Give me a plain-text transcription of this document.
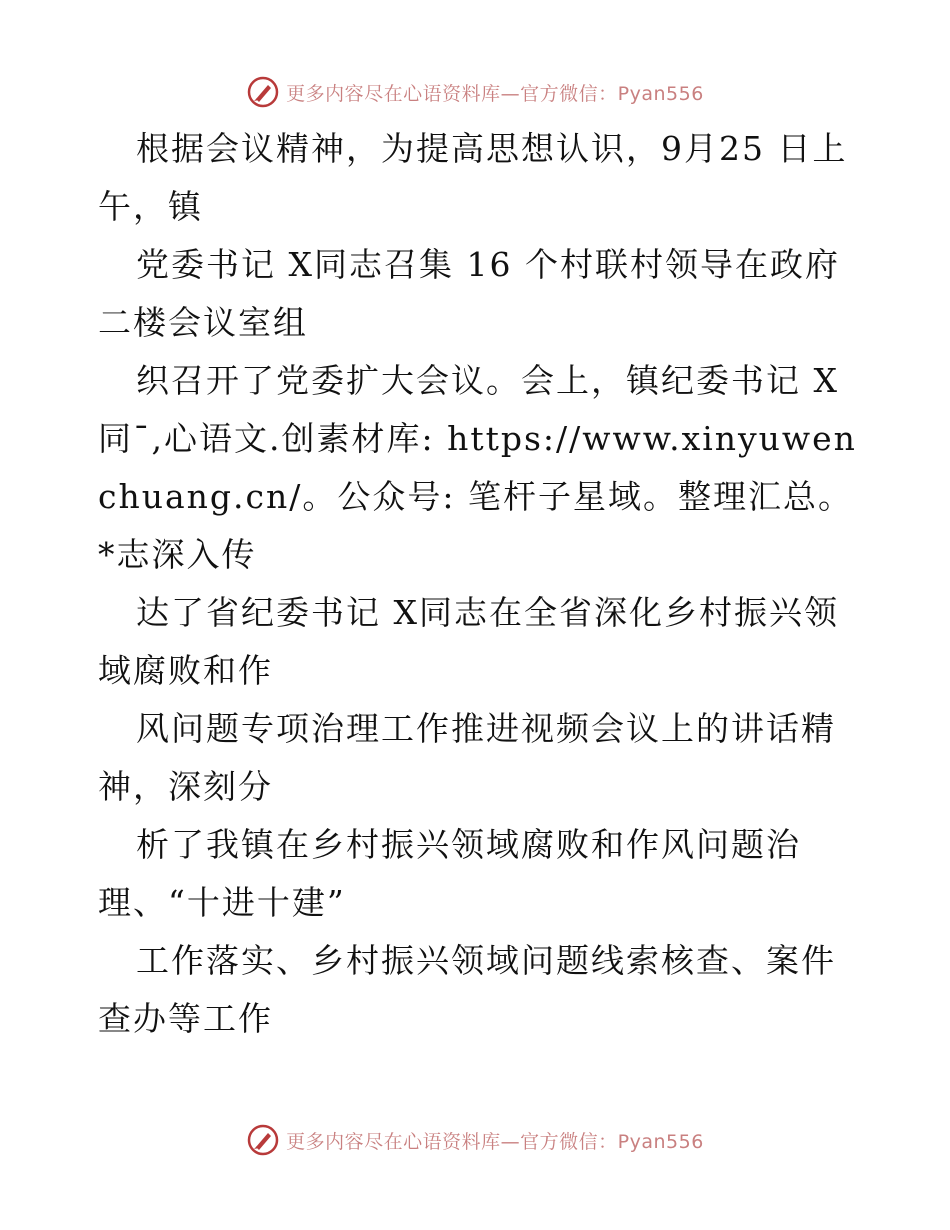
更多内容尽在心语资料库—官方微信：Pyan556

根据会议精神，为提高思想认识，9月25 日上午，镇

党委书记 X同志召集 16 个村联村领导在政府二楼会议室组

织召开了党委扩大会议。会上，镇纪委书记 X同¯,心语文.创素材库: https://www.xinyuwenchuang.cn/。公众号: 笔杆子星域。整理汇总。*志深入传

达了省纪委书记 X同志在全省深化乡村振兴领域腐败和作

风问题专项治理工作推进视频会议上的讲话精神，深刻分

析了我镇在乡村振兴领域腐败和作风问题治理、“十进十建”

工作落实、乡村振兴领域问题线索核查、案件查办等工作

更多内容尽在心语资料库—官方微信：Pyan556
